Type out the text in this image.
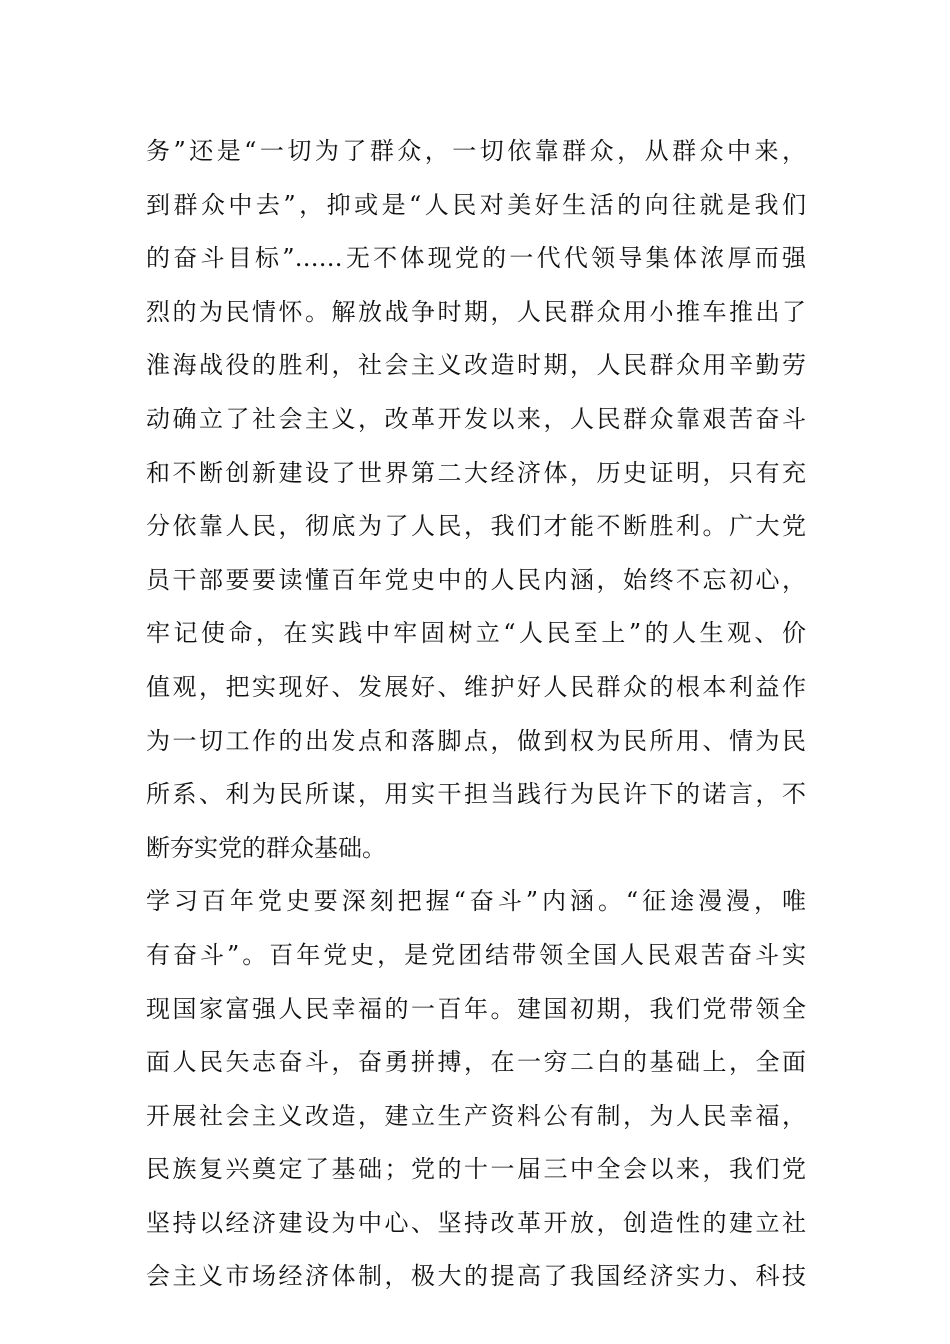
务”还是“一切为了群众，一切依靠群众，从群众中来，
到群众中去”，抑或是“人民对美好生活的向往就是我们
的奋斗目标”……无不体现党的一代代领导集体浓厚而强
烈的为民情怀。解放战争时期，人民群众用小推车推出了
淮海战役的胜利，社会主义改造时期，人民群众用辛勤劳
动确立了社会主义，改革开发以来，人民群众靠艰苦奋斗
和不断创新建设了世界第二大经济体，历史证明，只有充
分依靠人民，彻底为了人民，我们才能不断胜利。广大党
员干部要要读懂百年党史中的人民内涵，始终不忘初心，
牢记使命，在实践中牢固树立“人民至上”的人生观、价
值观，把实现好、发展好、维护好人民群众的根本利益作
为一切工作的出发点和落脚点，做到权为民所用、情为民
所系、利为民所谋，用实干担当践行为民许下的诺言，不
断夯实党的群众基础。
学习百年党史要深刻把握“奋斗”内涵。“征途漫漫，唯
有奋斗”。百年党史，是党团结带领全国人民艰苦奋斗实
现国家富强人民幸福的一百年。建国初期，我们党带领全
面人民矢志奋斗，奋勇拼搏，在一穷二白的基础上，全面
开展社会主义改造，建立生产资料公有制，为人民幸福，
民族复兴奠定了基础；党的十一届三中全会以来，我们党
坚持以经济建设为中心、坚持改革开放，创造性的建立社
会主义市场经济体制，极大的提高了我国经济实力、科技
